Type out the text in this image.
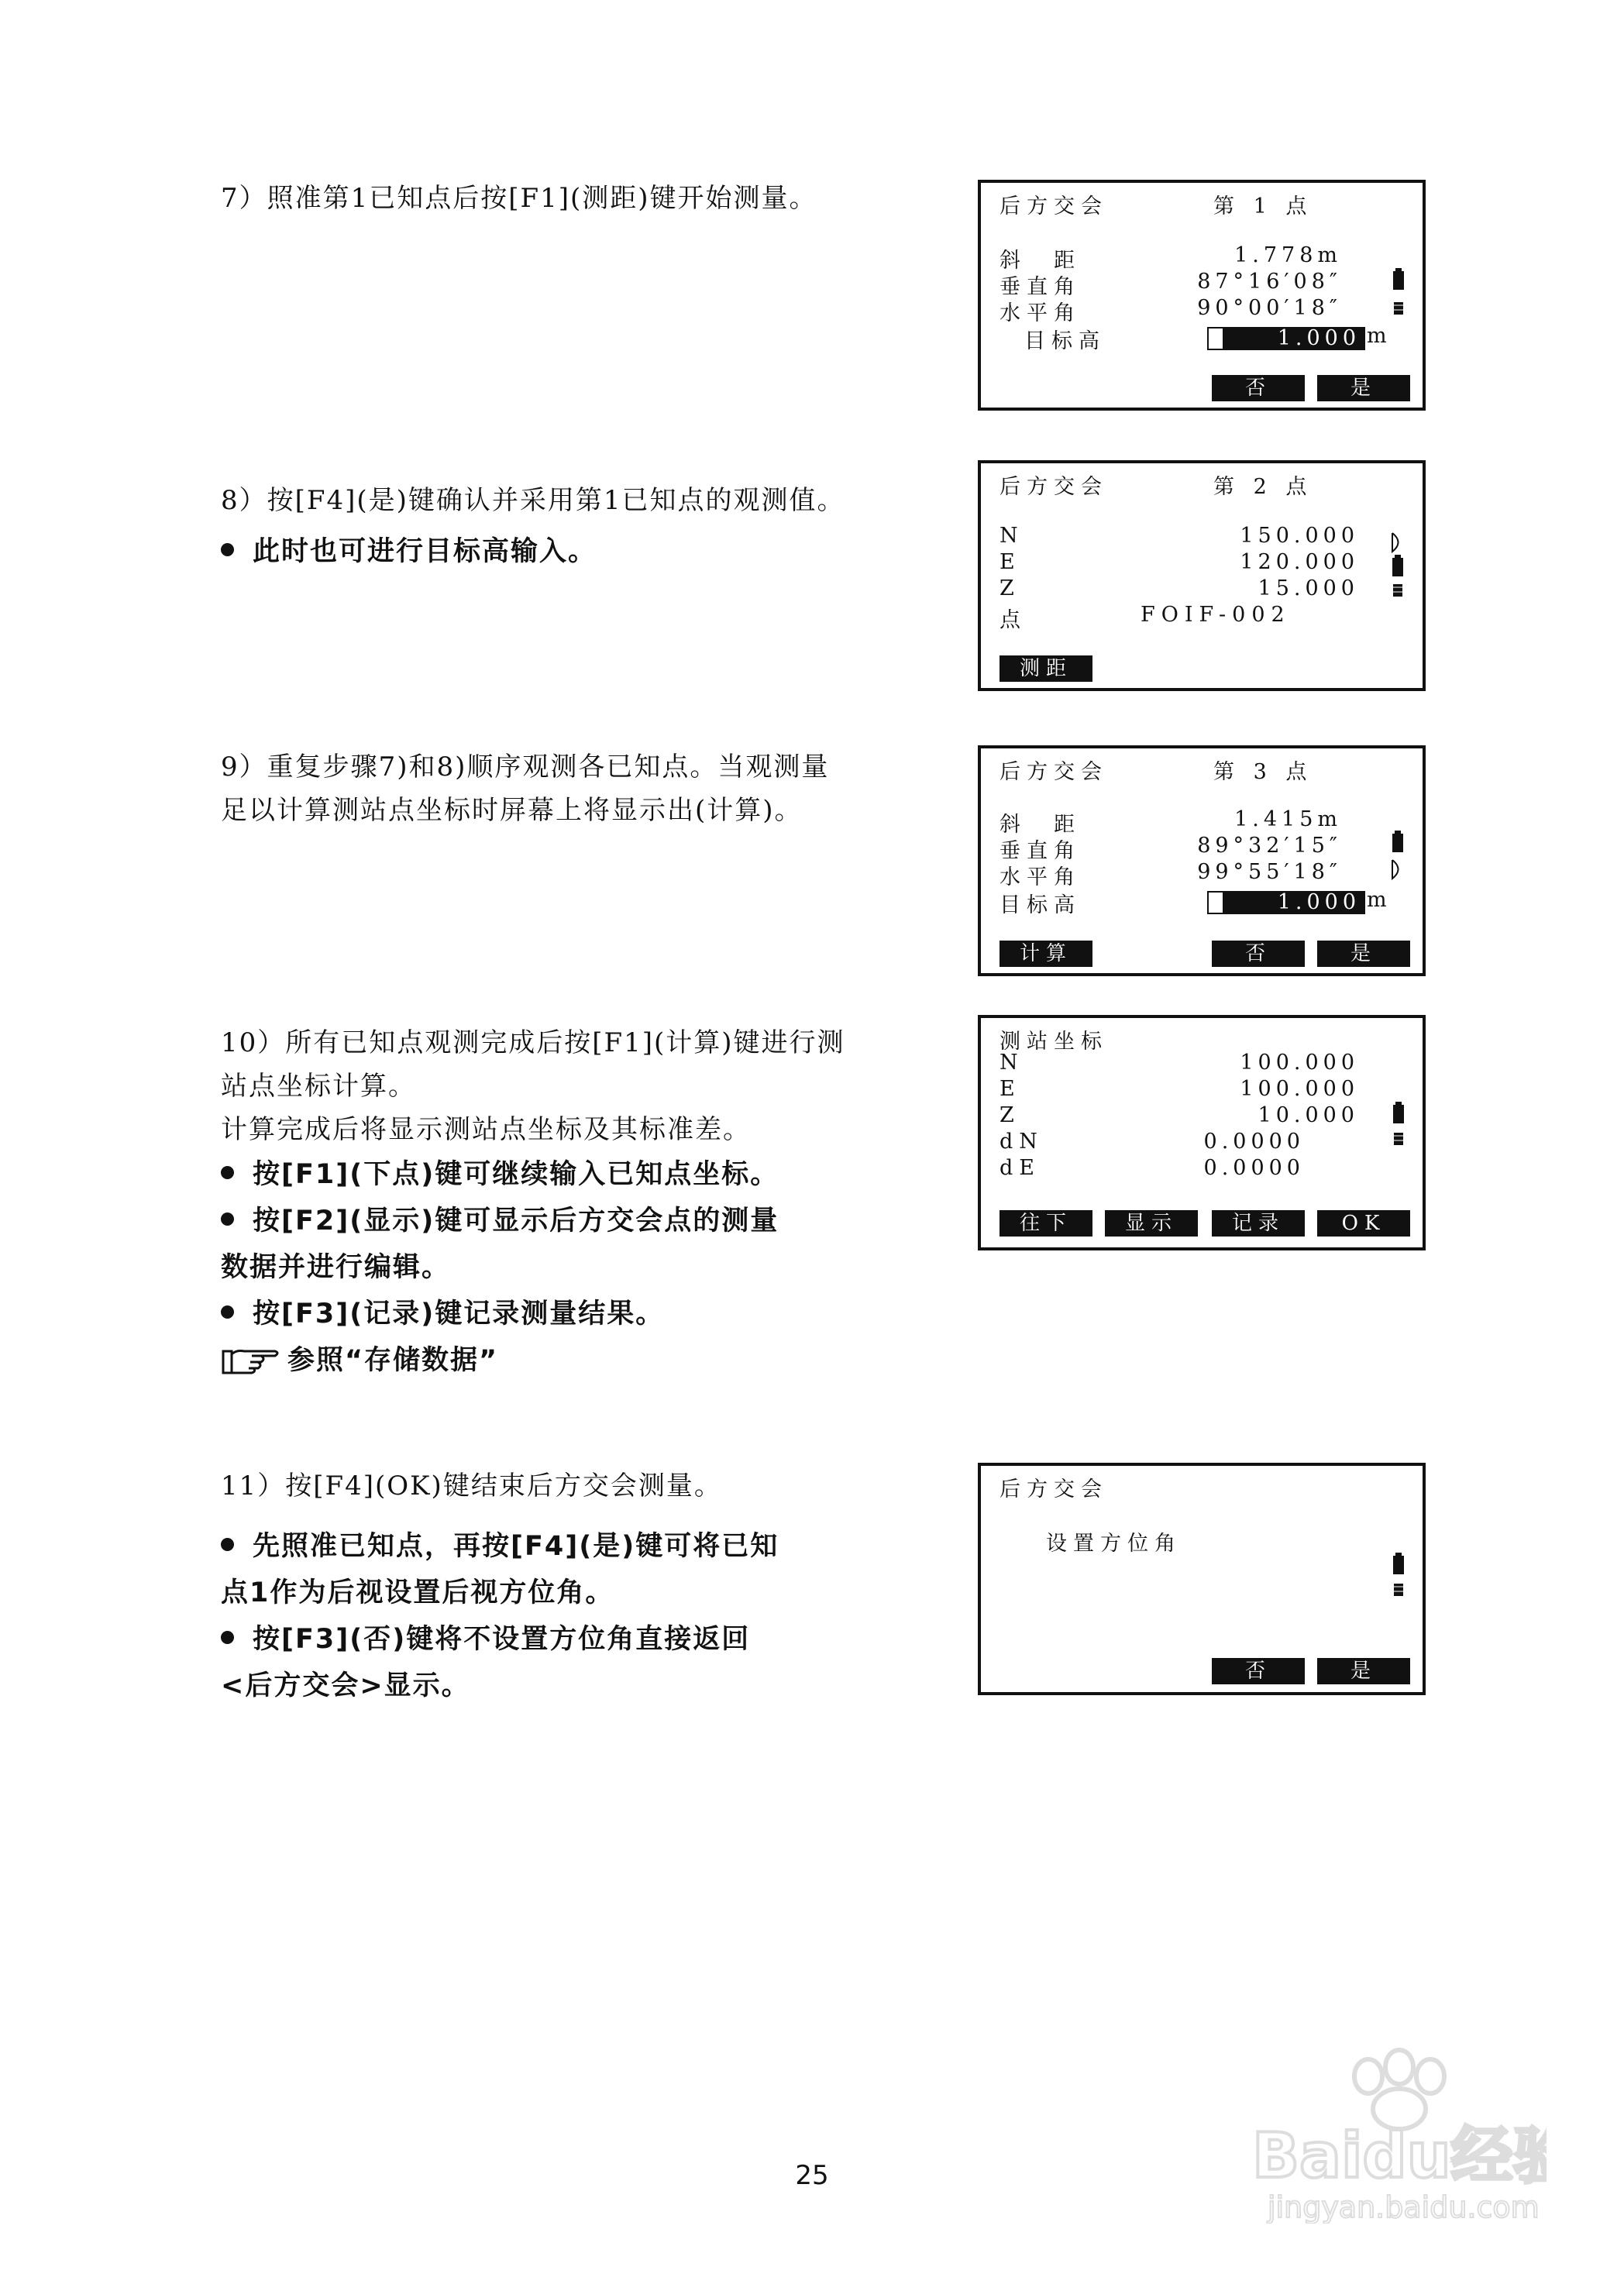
7）照准第1已知点后按[F1](测距)键开始测量。

8）按[F4](是)键确认并采用第1已知点的观测值。

此时也可进行目标高输入。

9）重复步骤7)和8)顺序观测各已知点。当观测量

足以计算测站点坐标时屏幕上将显示出(计算)。

10）所有已知点观测完成后按[F1](计算)键进行测

站点坐标计算。

计算完成后将显示测站点坐标及其标准差。

按[F1](下点)键可继续输入已知点坐标。

按[F2](显示)键可显示后方交会点的测量

数据并进行编辑。

按[F3](记录)键记录测量结果。

参照“存储数据”

11）按[F4](OK)键结束后方交会测量。

先照准已知点，再按[F4](是)键可将已知

点1作为后视设置后视方位角。

按[F3](否)键将不设置方位角直接返回

<后方交会>显示。

后方交会	第 1 点
斜　距	1.778m
垂直角	87°16′08″
水平角	90°00′18″
目标高	1.000 m
否	是
后方交会	第 2 点
N	150.000
E	120.000
Z	15.000
点	FOIF-002
测距
后方交会	第 3 点
斜　距	1.415m
垂直角	89°32′15″
水平角	99°55′18″
目标高	1.000 m
计算	否	是
测站坐标
N	100.000
E	100.000
Z	10.000
dN	0.0000
dE	0.0000
往下	显示	记录	OK
后方交会
设置方位角
否	是
25	Baidu经验
jingyan.baidu.com
